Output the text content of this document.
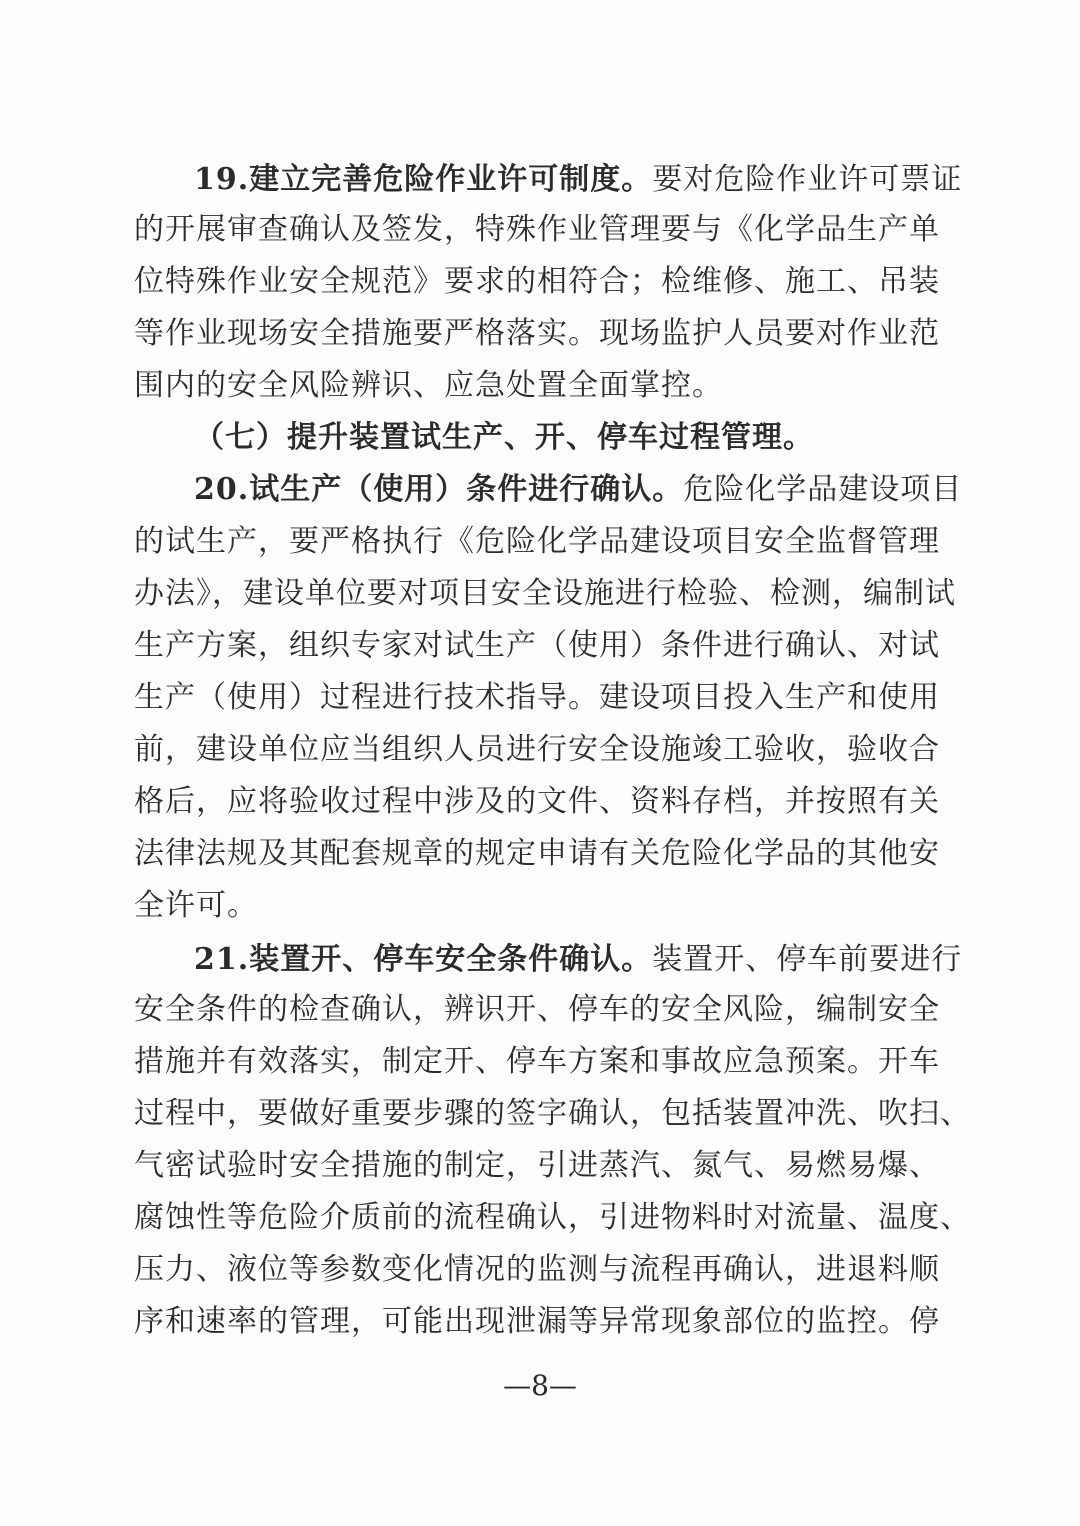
19.建立完善危险作业许可制度。要对危险作业许可票证
的开展审查确认及签发，特殊作业管理要与《化学品生产单
位特殊作业安全规范》要求的相符合；检维修、施工、吊装
等作业现场安全措施要严格落实。现场监护人员要对作业范
围内的安全风险辨识、应急处置全面掌控。
（七）提升装置试生产、开、停车过程管理。
20.试生产（使用）条件进行确认。危险化学品建设项目
的试生产，要严格执行《危险化学品建设项目安全监督管理
办法》，建设单位要对项目安全设施进行检验、检测，编制试
生产方案，组织专家对试生产（使用）条件进行确认、对试
生产（使用）过程进行技术指导。建设项目投入生产和使用
前，建设单位应当组织人员进行安全设施竣工验收，验收合
格后，应将验收过程中涉及的文件、资料存档，并按照有关
法律法规及其配套规章的规定申请有关危险化学品的其他安
全许可。
21.装置开、停车安全条件确认。装置开、停车前要进行
安全条件的检查确认，辨识开、停车的安全风险，编制安全
措施并有效落实，制定开、停车方案和事故应急预案。开车
过程中，要做好重要步骤的签字确认，包括装置冲洗、吹扫、
气密试验时安全措施的制定，引进蒸汽、氮气、易燃易爆、
腐蚀性等危险介质前的流程确认，引进物料时对流量、温度、
压力、液位等参数变化情况的监测与流程再确认，进退料顺
序和速率的管理，可能出现泄漏等异常现象部位的监控。停
—8—
